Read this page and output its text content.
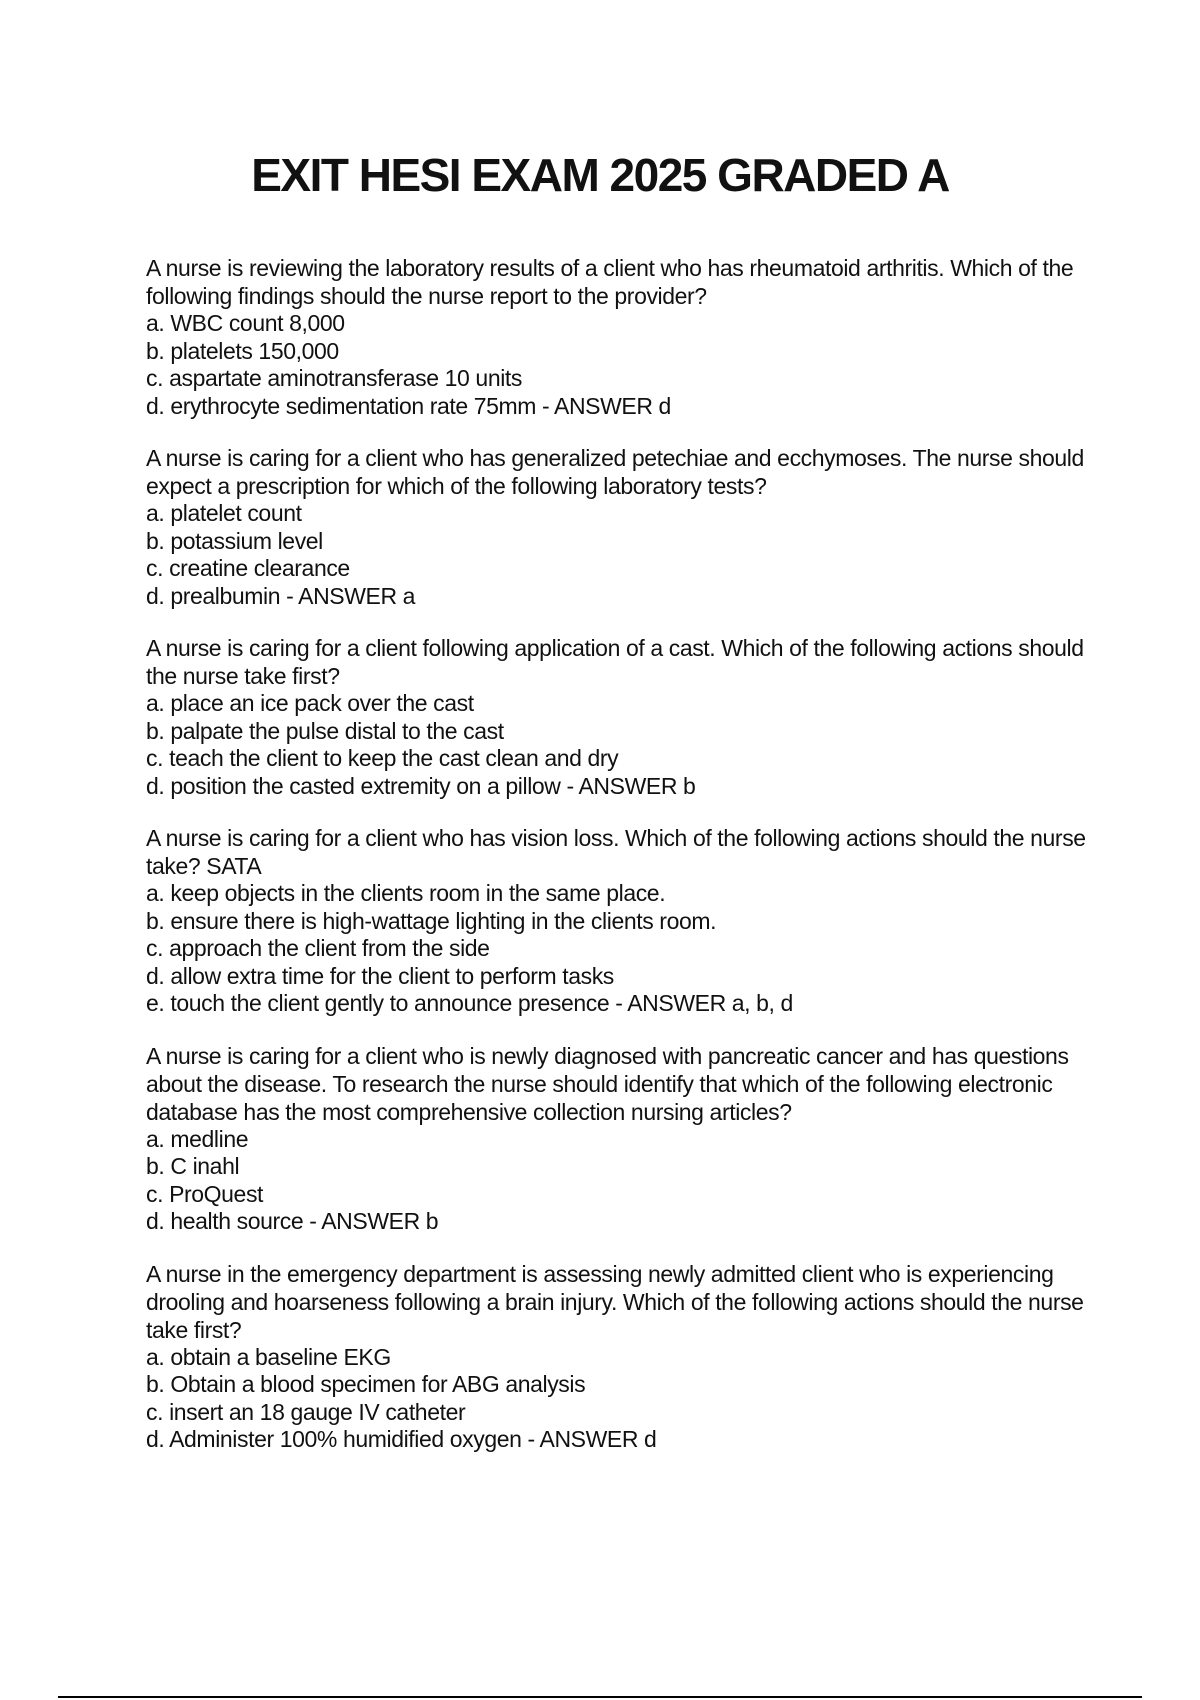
EXIT HESI EXAM 2025 GRADED A

A nurse is reviewing the laboratory results of a client who has rheumatoid arthritis. Which of the following findings should the nurse report to the provider?

a. WBC count 8,000
b. platelets 150,000
c. aspartate aminotransferase 10 units
d. erythrocyte sedimentation rate 75mm - ANSWER d

A nurse is caring for a client who has generalized petechiae and ecchymoses. The nurse should expect a prescription for which of the following laboratory tests?

a. platelet count
b. potassium level
c. creatine clearance
d. prealbumin - ANSWER a

A nurse is caring for a client following application of a cast. Which of the following actions should the nurse take first?

a. place an ice pack over the cast
b. palpate the pulse distal to the cast
c. teach the client to keep the cast clean and dry
d. position the casted extremity on a pillow - ANSWER b

A nurse is caring for a client who has vision loss. Which of the following actions should the nurse take? SATA

a. keep objects in the clients room in the same place.
b. ensure there is high-wattage lighting in the clients room.
c. approach the client from the side
d. allow extra time for the client to perform tasks
e. touch the client gently to announce presence - ANSWER a, b, d

A nurse is caring for a client who is newly diagnosed with pancreatic cancer and has questions about the disease. To research the nurse should identify that which of the following electronic database has the most comprehensive collection nursing articles?

a. medline
b. C inahl
c. ProQuest
d. health source - ANSWER b

A nurse in the emergency department is assessing newly admitted client who is experiencing drooling and hoarseness following a brain injury. Which of the following actions should the nurse take first?

a. obtain a baseline EKG
b. Obtain a blood specimen for ABG analysis
c. insert an 18 gauge IV catheter
d. Administer 100% humidified oxygen - ANSWER d
